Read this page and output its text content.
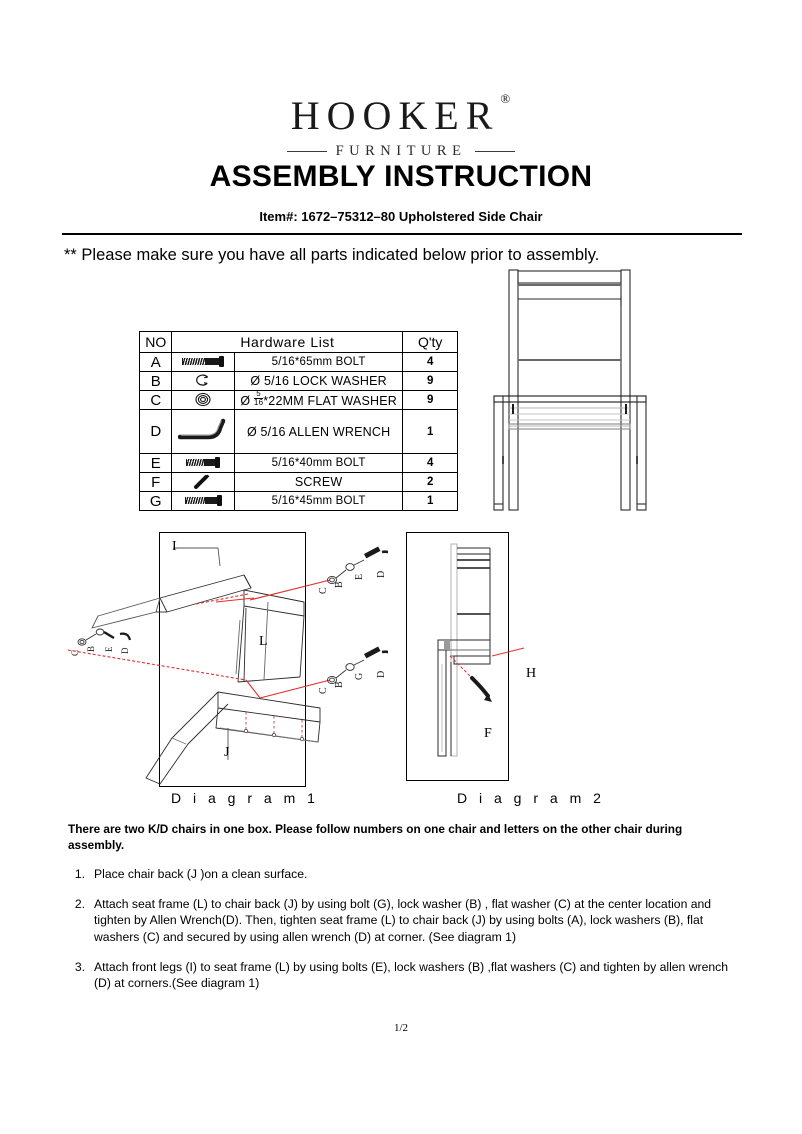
HOOKER®
FURNITURE
ASSEMBLY INSTRUCTION
Item#: 1672–75312–80 Upholstered Side Chair
** Please make sure you have all parts indicated below prior to assembly.
NO	Hardware List		Q'ty
A		5/16*65mm BOLT	4
B		Ø 5/16 LOCK WASHER	9
C		Ø $\frac{5}{16} *22MM$ FLAT WASHER	9
D		Ø 5/16 ALLEN WRENCH	1
E		5/16*40mm BOLT	4
F		SCREW	2
G		5/16*45mm BOLT	1
C
B
E D
C
B
G D
C
B E D
I
L
J
D i a g r a m 1
H
F
D i a g r a m 2
There are two K/D chairs in one box. Please follow numbers on one chair and letters on the other chair during assembly.
1. Place chair back (J )on a clean surface.
2. Attach seat frame (L) to chair back (J) by using bolt (G), lock washer (B) , flat washer (C) at the center location and tighten by Allen Wrench(D). Then, tighten seat frame (L) to chair back (J) by using bolts (A), lock washers (B), flat washers (C) and secured by using allen wrench (D) at corner. (See diagram 1)
3. Attach front legs (I) to seat frame (L) by using bolts (E), lock washers (B) ,flat washers (C) and tighten by allen wrench (D) at corners.(See diagram 1)
1/2
